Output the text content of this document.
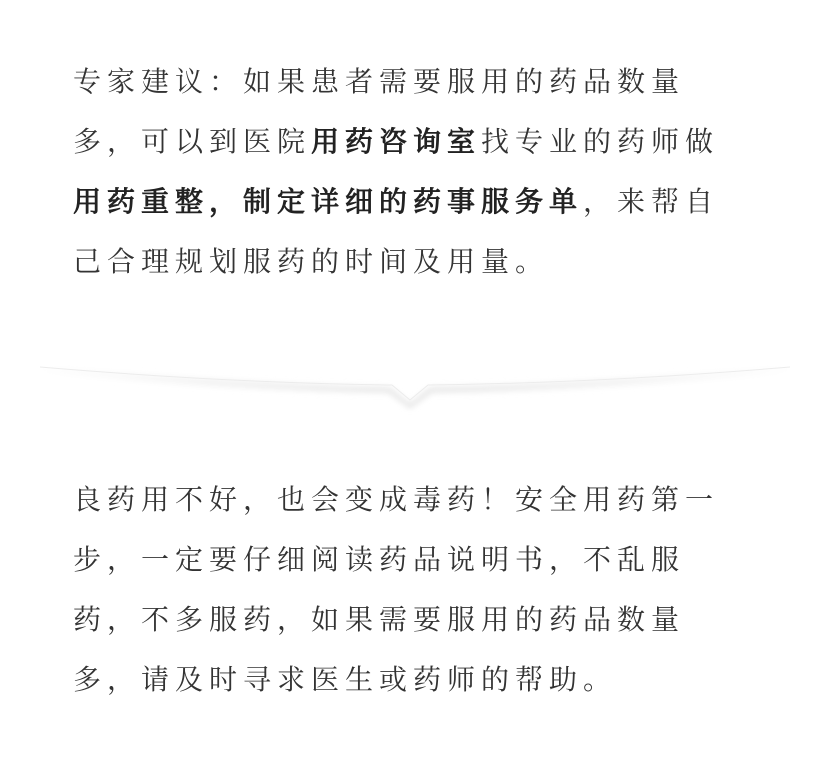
专家建议：如果患者需要服用的药品数量
多，可以到医院用药咨询室找专业的药师做
用药重整，制定详细的药事服务单，来帮自
己合理规划服药的时间及用量。
良药用不好，也会变成毒药！安全用药第一
步，一定要仔细阅读药品说明书，不乱服
药，不多服药，如果需要服用的药品数量
多，请及时寻求医生或药师的帮助。
